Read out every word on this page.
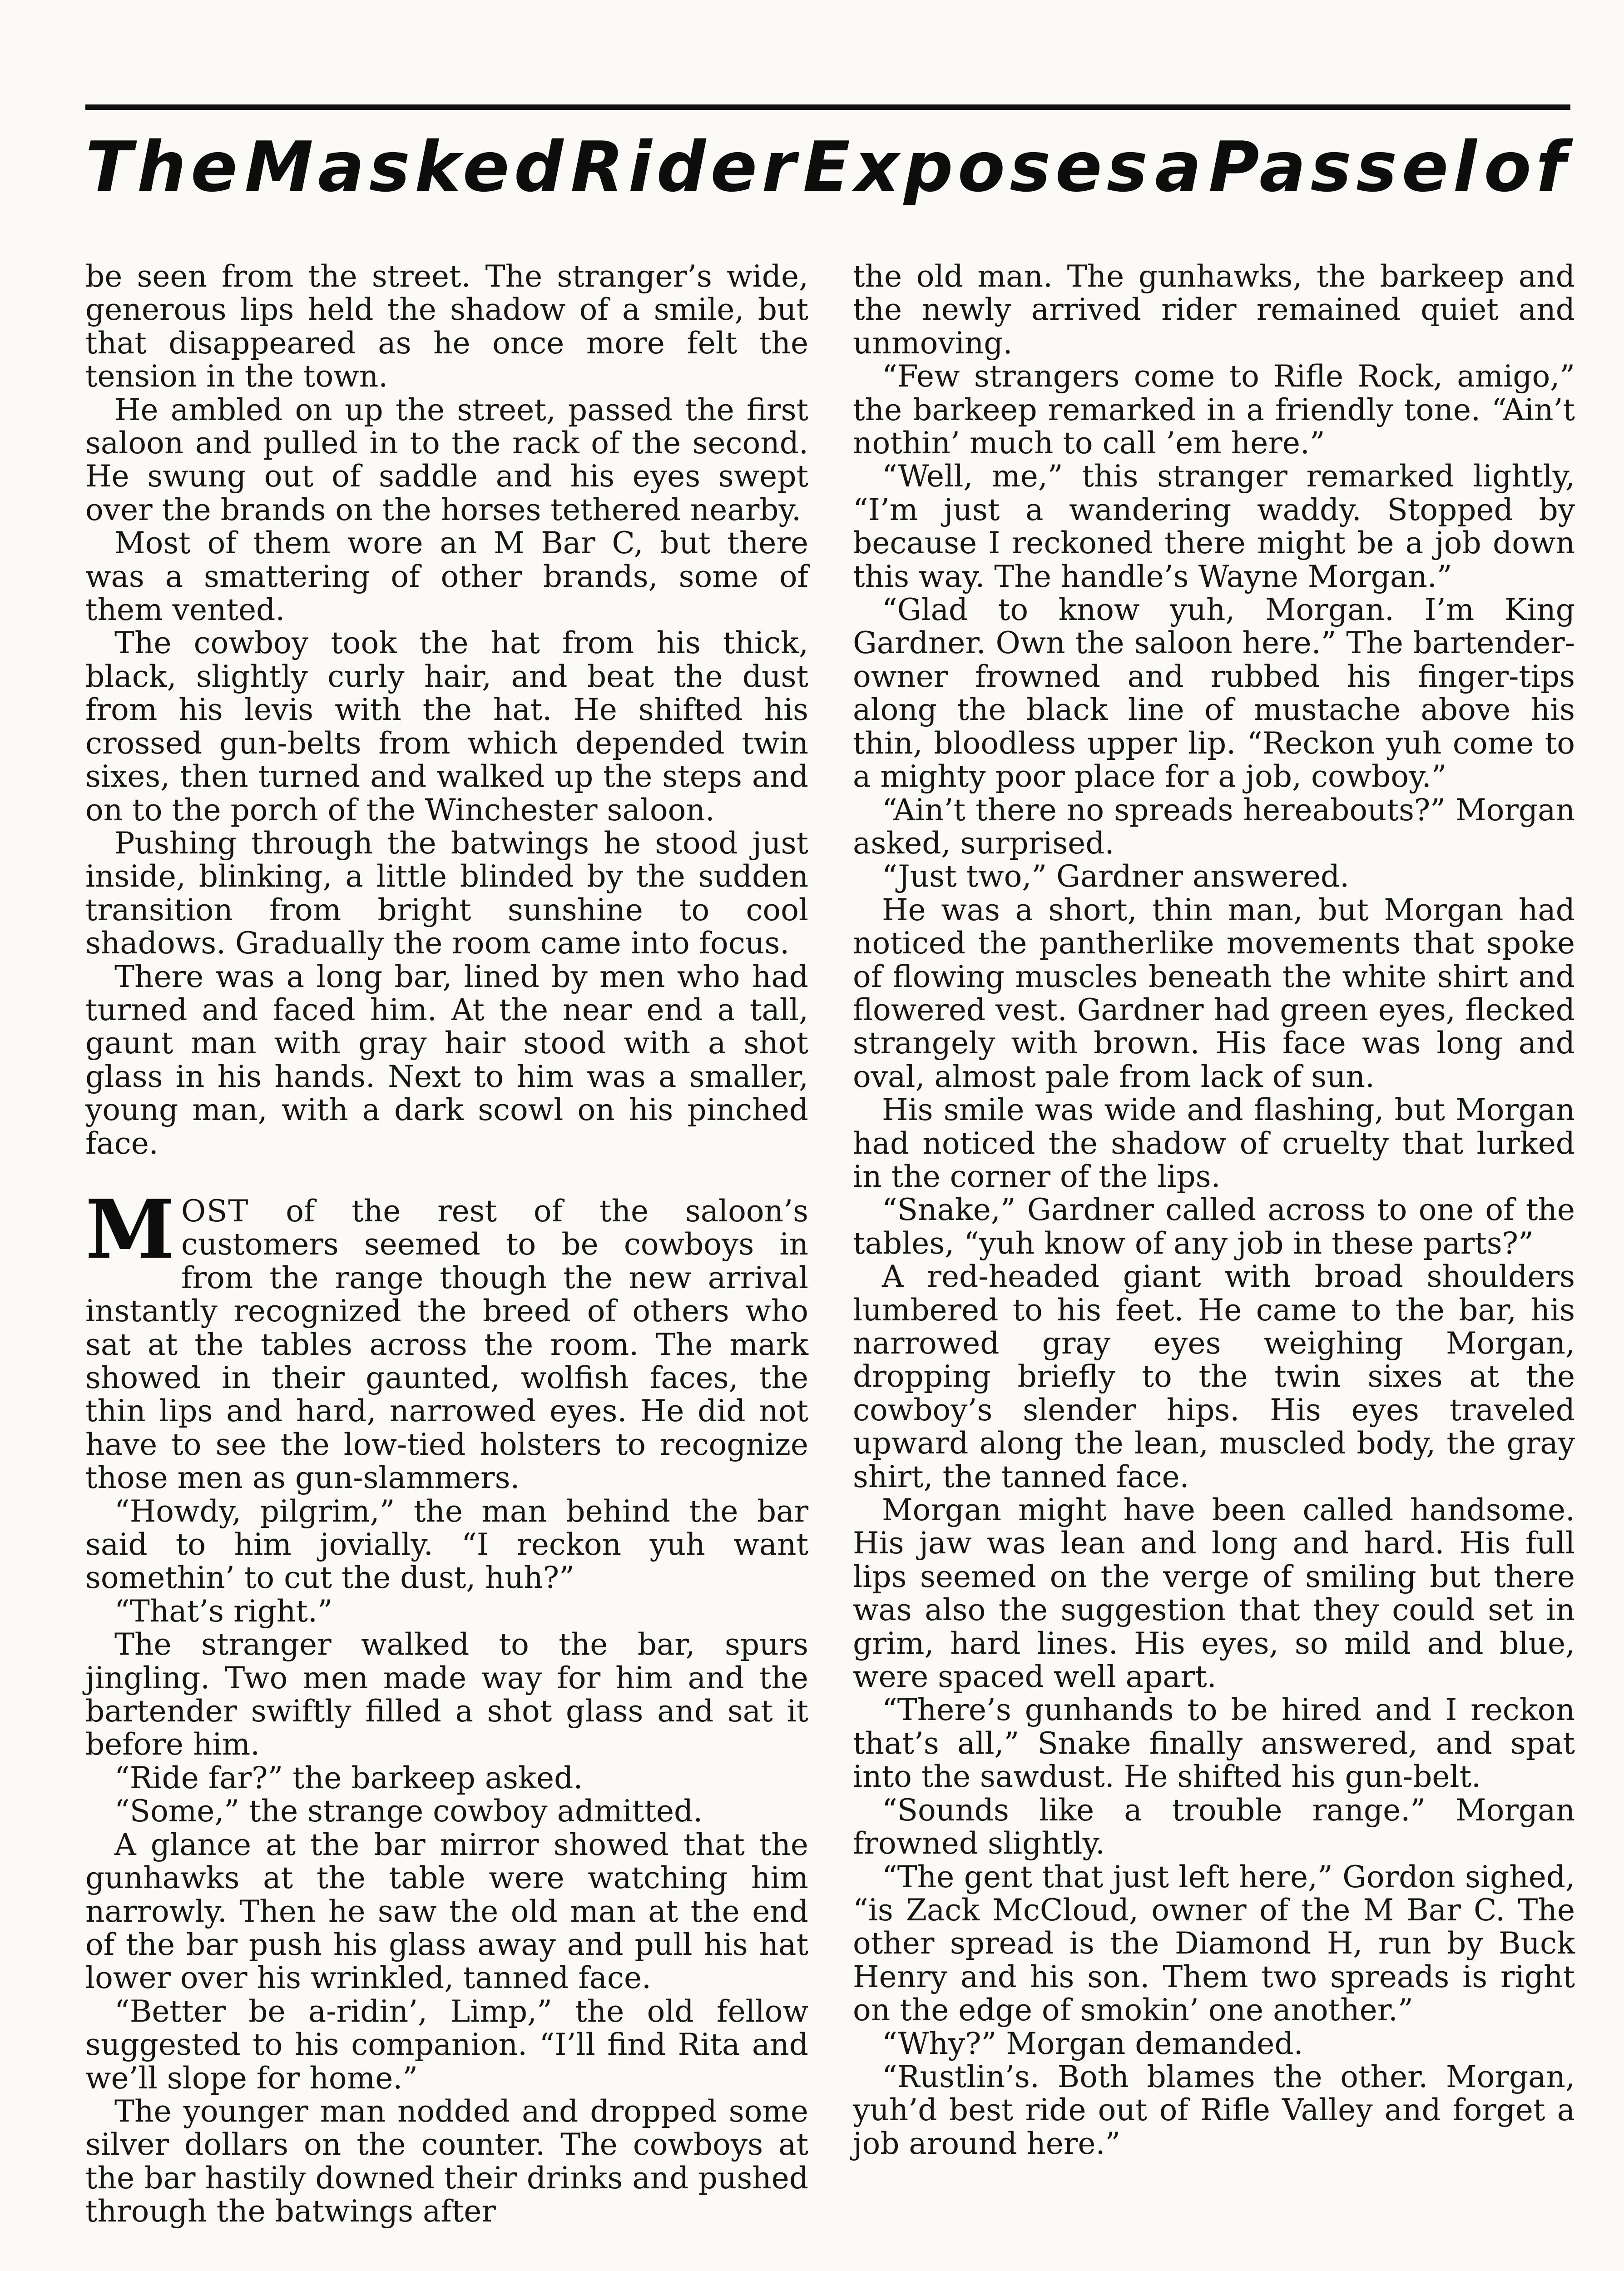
The Masked Rider Exposes a Passel of

be seen from the street. The stranger’s wide, generous lips held the shadow of a smile, but that disappeared as he once more felt the tension in the town.

He ambled on up the street, passed the first saloon and pulled in to the rack of the second. He swung out of saddle and his eyes swept over the brands on the horses tethered nearby.

Most of them wore an M Bar C, but there was a smattering of other brands, some of them vented.

The cowboy took the hat from his thick, black, slightly curly hair, and beat the dust from his levis with the hat. He shifted his crossed gun-belts from which depended twin sixes, then turned and walked up the steps and on to the porch of the Winchester saloon.

Pushing through the batwings he stood just inside, blinking, a little blinded by the sudden transition from bright sunshine to cool shadows. Gradually the room came into focus.

There was a long bar, lined by men who had turned and faced him. At the near end a tall, gaunt man with gray hair stood with a shot glass in his hands. Next to him was a smaller, young man, with a dark scowl on his pinched face.

MOST of the rest of the saloon’s customers seemed to be cowboys in from the range though the new arrival instantly recognized the breed of others who sat at the tables across the room. The mark showed in their gaunted, wolfish faces, the thin lips and hard, narrowed eyes. He did not have to see the low-tied holsters to recognize those men as gun-slammers.

“Howdy, pilgrim,” the man behind the bar said to him jovially. “I reckon yuh want somethin’ to cut the dust, huh?”

“That’s right.”

The stranger walked to the bar, spurs jingling. Two men made way for him and the bartender swiftly filled a shot glass and sat it before him.

“Ride far?” the barkeep asked.

“Some,” the strange cowboy admitted.

A glance at the bar mirror showed that the gunhawks at the table were watching him narrowly. Then he saw the old man at the end of the bar push his glass away and pull his hat lower over his wrinkled, tanned face.

“Better be a-ridin’, Limp,” the old fellow suggested to his companion. “I’ll find Rita and we’ll slope for home.”

The younger man nodded and dropped some silver dollars on the counter. The cowboys at the bar hastily downed their drinks and pushed through the batwings after

the old man. The gunhawks, the barkeep and the newly arrived rider remained quiet and unmoving.

“Few strangers come to Rifle Rock, amigo,” the barkeep remarked in a friendly tone. “Ain’t nothin’ much to call ’em here.”

“Well, me,” this stranger remarked lightly, “I’m just a wandering waddy. Stopped by because I reckoned there might be a job down this way. The handle’s Wayne Morgan.”

“Glad to know yuh, Morgan. I’m King Gardner. Own the saloon here.” The bartender-owner frowned and rubbed his finger-tips along the black line of mustache above his thin, bloodless upper lip. “Reckon yuh come to a mighty poor place for a job, cowboy.”

“Ain’t there no spreads hereabouts?” Morgan asked, surprised.

“Just two,” Gardner answered.

He was a short, thin man, but Morgan had noticed the pantherlike movements that spoke of flowing muscles beneath the white shirt and flowered vest. Gardner had green eyes, flecked strangely with brown. His face was long and oval, almost pale from lack of sun.

His smile was wide and flashing, but Morgan had noticed the shadow of cruelty that lurked in the corner of the lips.

“Snake,” Gardner called across to one of the tables, “yuh know of any job in these parts?”

A red-headed giant with broad shoulders lumbered to his feet. He came to the bar, his narrowed gray eyes weighing Morgan, dropping briefly to the twin sixes at the cowboy’s slender hips. His eyes traveled upward along the lean, muscled body, the gray shirt, the tanned face.

Morgan might have been called handsome. His jaw was lean and long and hard. His full lips seemed on the verge of smiling but there was also the suggestion that they could set in grim, hard lines. His eyes, so mild and blue, were spaced well apart.

“There’s gunhands to be hired and I reckon that’s all,” Snake finally answered, and spat into the sawdust. He shifted his gun-belt.

“Sounds like a trouble range.” Morgan frowned slightly.

“The gent that just left here,” Gordon sighed, “is Zack McCloud, owner of the M Bar C. The other spread is the Diamond H, run by Buck Henry and his son. Them two spreads is right on the edge of smokin’ one another.”

“Why?” Morgan demanded.

“Rustlin’s. Both blames the other. Morgan, yuh’d best ride out of Rifle Valley and forget a job around here.”
